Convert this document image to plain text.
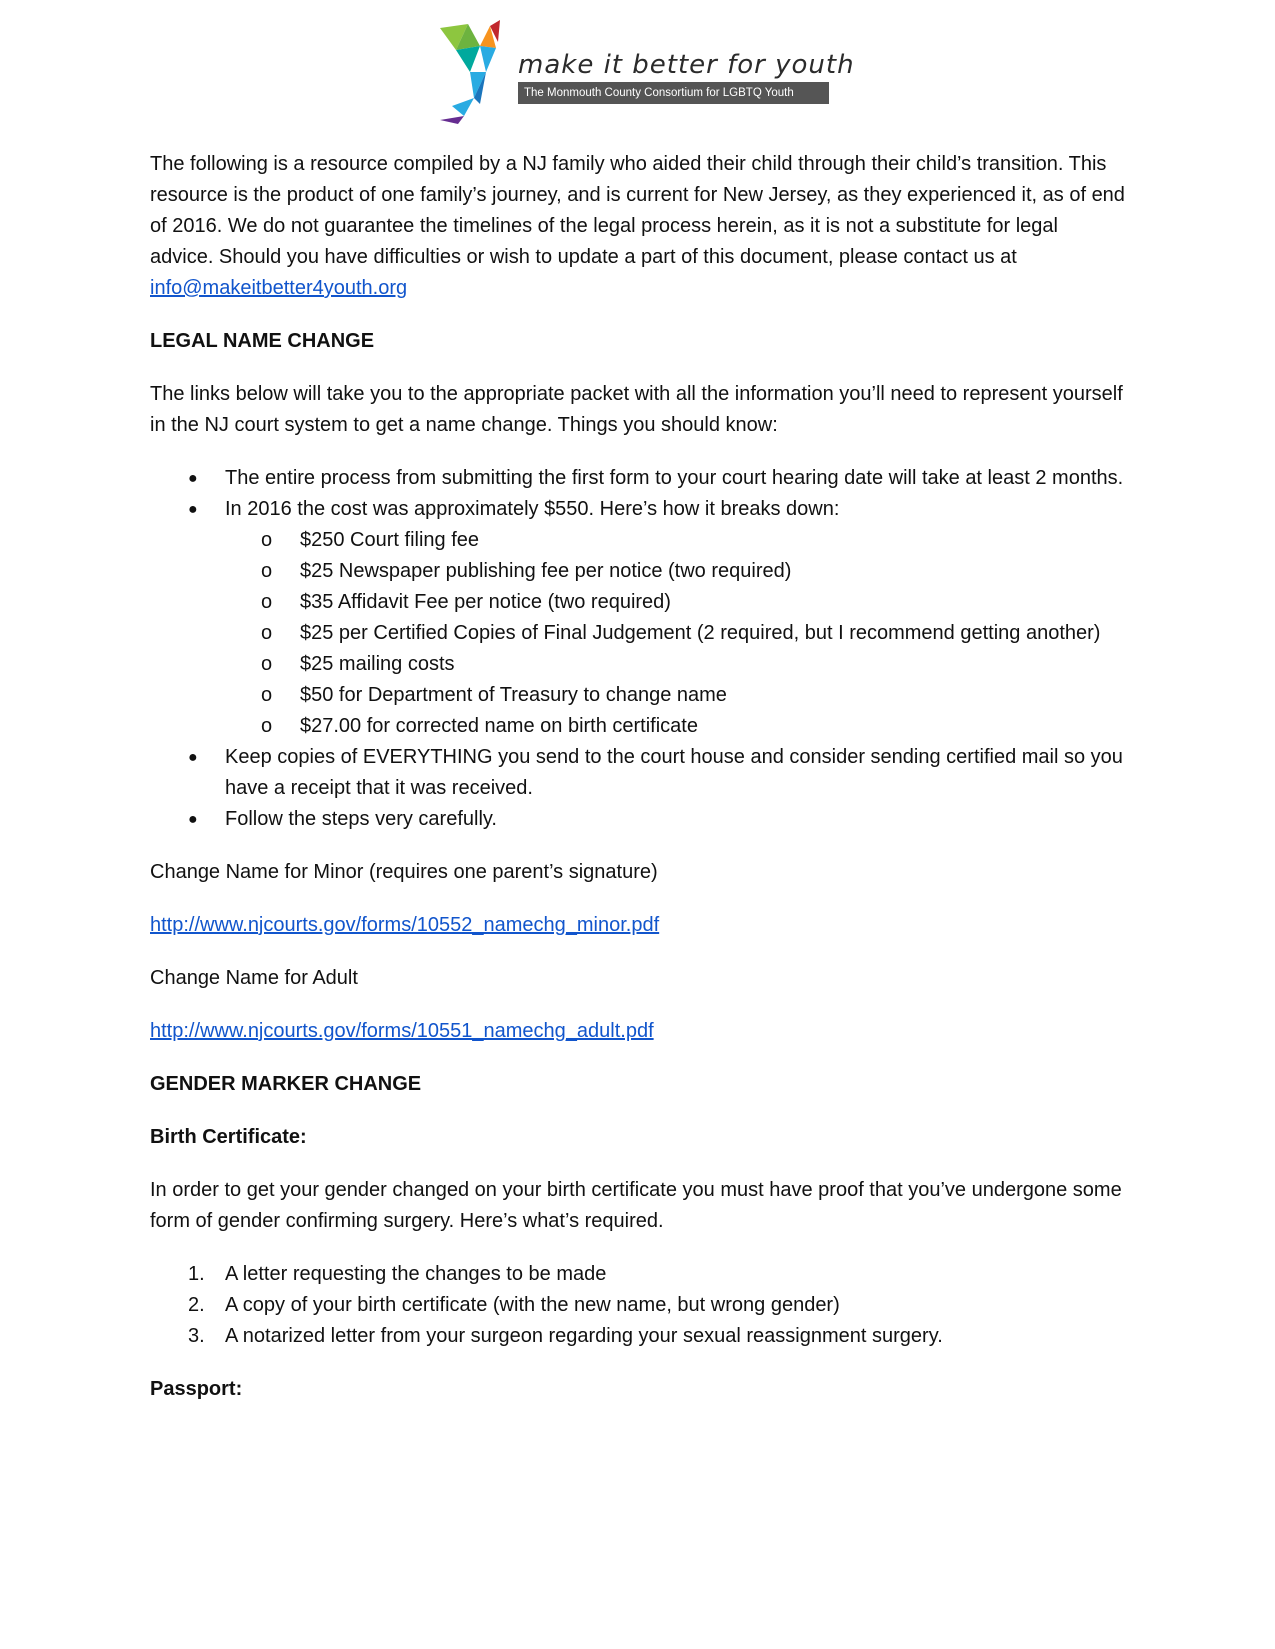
make it better for youth
The Monmouth County Consortium for LGBTQ Youth

The following is a resource compiled by a NJ family who aided their child through their child’s transition. This resource is the product of one family’s journey, and is current for New Jersey, as they experienced it, as of end of 2016. We do not guarantee the timelines of the legal process herein, as it is not a substitute for legal advice. Should you have difficulties or wish to update a part of this document, please contact us at info@makeitbetter4youth.org

LEGAL NAME CHANGE

The links below will take you to the appropriate packet with all the information you’ll need to represent yourself in the NJ court system to get a name change. Things you should know:

● The entire process from submitting the first form to your court hearing date will take at least 2 months.
● In 2016 the cost was approximately $550. Here’s how it breaks down:
o $250 Court filing fee
o $25 Newspaper publishing fee per notice (two required)
o $35 Affidavit Fee per notice (two required)
o $25 per Certified Copies of Final Judgement (2 required, but I recommend getting another)
o $25 mailing costs
o $50 for Department of Treasury to change name
o $27.00 for corrected name on birth certificate
● Keep copies of EVERYTHING you send to the court house and consider sending certified mail so you have a receipt that it was received.
● Follow the steps very carefully.

Change Name for Minor (requires one parent’s signature)

http://www.njcourts.gov/forms/10552_namechg_minor.pdf

Change Name for Adult

http://www.njcourts.gov/forms/10551_namechg_adult.pdf

GENDER MARKER CHANGE

Birth Certificate:

In order to get your gender changed on your birth certificate you must have proof that you’ve undergone some form of gender confirming surgery. Here’s what’s required.

1. A letter requesting the changes to be made
2. A copy of your birth certificate (with the new name, but wrong gender)
3. A notarized letter from your surgeon regarding your sexual reassignment surgery.

Passport:
